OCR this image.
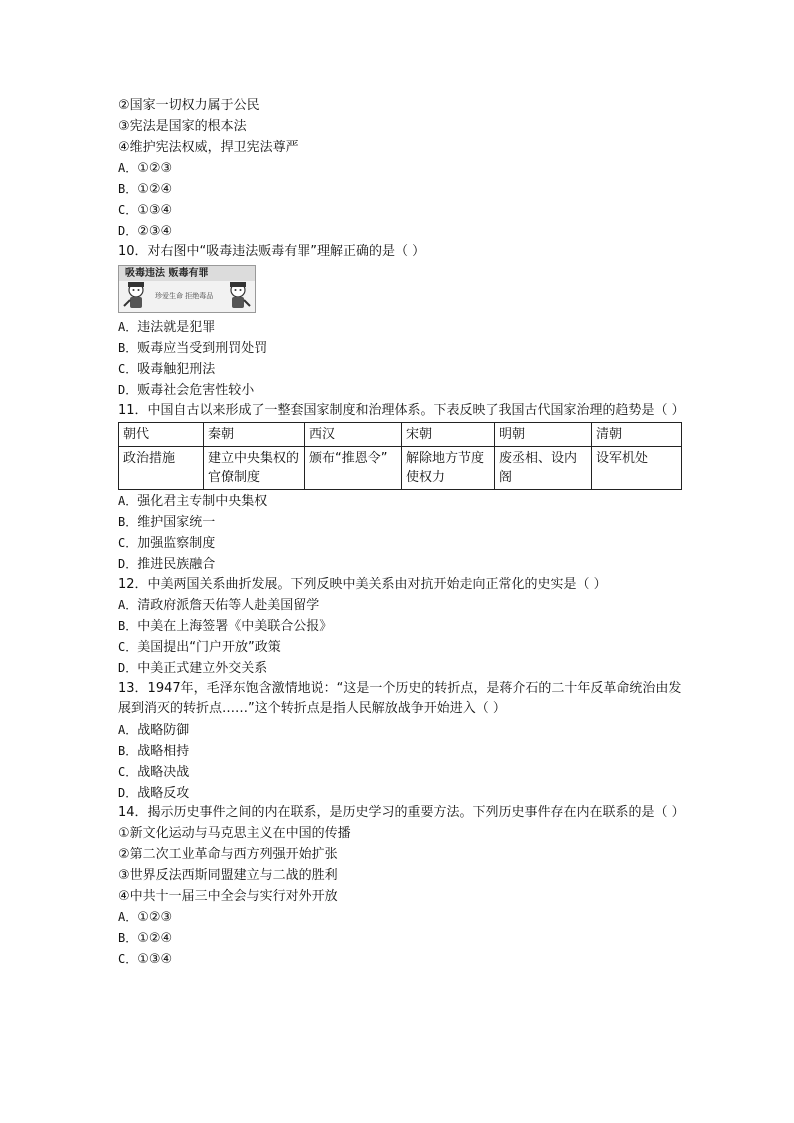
②国家一切权力属于公民
③宪法是国家的根本法
④维护宪法权威，捍卫宪法尊严
A．①②③
B．①②④
C．①③④
D．②③④
10．对右图中“吸毒违法贩毒有罪”理解正确的是（ ）
吸毒违法 贩毒有罪
珍爱生命 拒绝毒品
A．违法就是犯罪
B．贩毒应当受到刑罚处罚
C．吸毒触犯刑法
D．贩毒社会危害性较小
11．中国自古以来形成了一整套国家制度和治理体系。下表反映了我国古代国家治理的趋势是（ ）
朝代	秦朝	西汉	宋朝	明朝	清朝
政治措施	建立中央集权的官僚制度	颁布“推恩令”	解除地方节度使权力	废丞相、设内阁	设军机处
A．强化君主专制中央集权
B．维护国家统一
C．加强监察制度
D．推进民族融合
12．中美两国关系曲折发展。下列反映中美关系由对抗开始走向正常化的史实是（ ）
A．清政府派詹天佑等人赴美国留学
B．中美在上海签署《中美联合公报》
C．美国提出“门户开放”政策
D．中美正式建立外交关系
13．1947年，毛泽东饱含激情地说：“这是一个历史的转折点，是蒋介石的二十年反革命统治由发展到消灭的转折点……”这个转折点是指人民解放战争开始进入（ ）
A．战略防御
B．战略相持
C．战略决战
D．战略反攻
14．揭示历史事件之间的内在联系，是历史学习的重要方法。下列历史事件存在内在联系的是（ ）
①新文化运动与马克思主义在中国的传播
②第二次工业革命与西方列强开始扩张
③世界反法西斯同盟建立与二战的胜利
④中共十一届三中全会与实行对外开放
A．①②③
B．①②④
C．①③④
